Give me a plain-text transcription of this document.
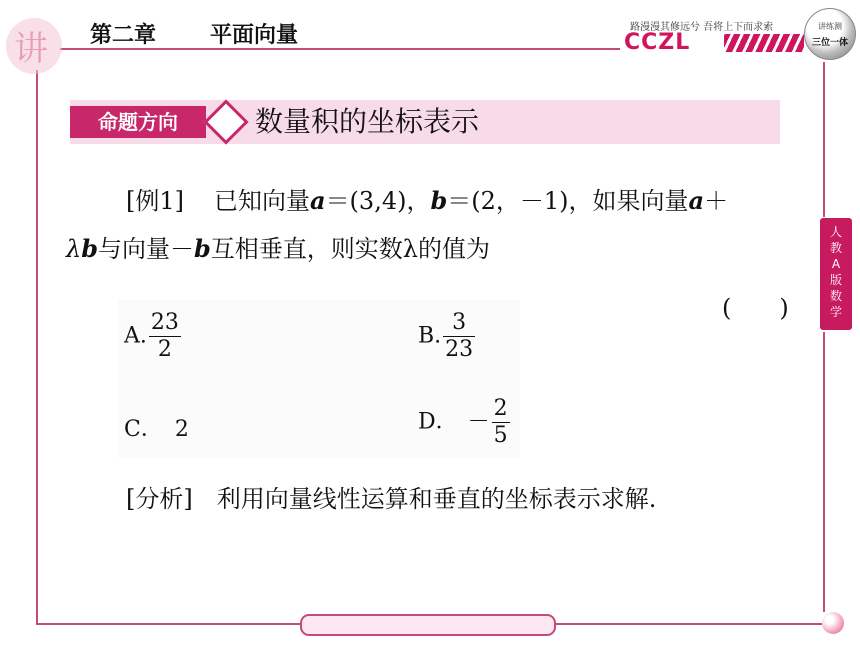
讲 第二章 平面向量	路漫漫其修远兮 吾将上下而求索
CCZL
讲练测
三位一体
人
教
A
版
数
学
命题方向	数量积的坐标表示
[例1] 已知向量a＝(3,4)，b＝(2，－1)，如果向量a＋
λb与向量－b互相垂直，则实数λ的值为
(　　)
A. $\frac{23}{2}$	B. $\frac{3}{23}$
C． 2	D． － $\frac{2}{5}$
[分析] 利用向量线性运算和垂直的坐标表示求解.
